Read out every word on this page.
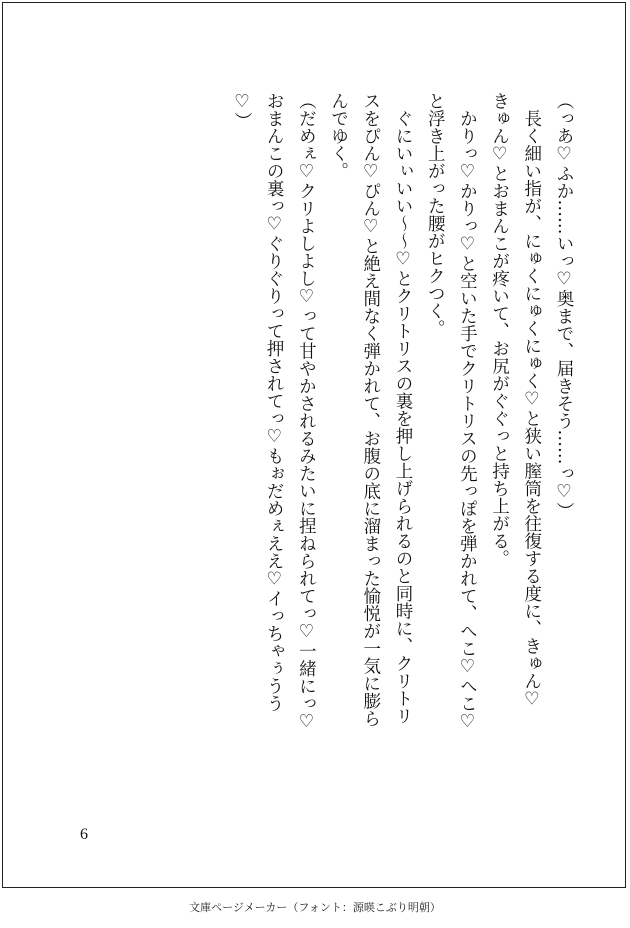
（っあ♡ふか……いっ♡奥まで、届きそう……っ♡）

　長く細い指が、にゅくにゅくにゅく♡と狭い膣筒を往復する度に、きゅん♡

きゅん♡とおまんこが疼いて、お尻がぐぐっと持ち上がる。

　かりっ♡かりっ♡と空いた手でクリトリスの先っぽを弾かれて、へこ♡へこ♡

と浮き上がった腰がヒクつく。

　ぐにいぃいい〜〜♡とクリトリスの裏を押し上げられるのと同時に、クリトリ

スをぴん♡ぴん♡と絶え間なく弾かれて、お腹の底に溜まった愉悦が一気に膨ら

んでゆく。

（だめぇ♡クリよしよし♡って甘やかされるみたいに捏ねられてっ♡一緒にっ♡

おまんこの裏っ♡ぐりぐりって押されてっ♡もぉだめぇええ♡イっちゃぅうう

♡）

6
文庫ページメーカー（フォント：源暎こぶり明朝）
